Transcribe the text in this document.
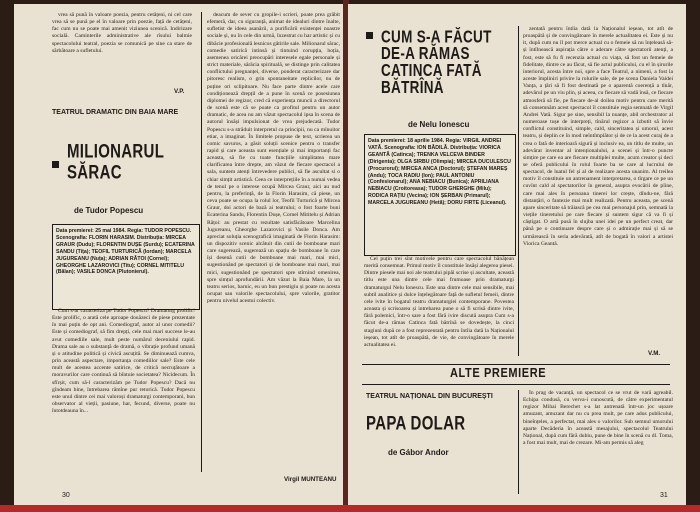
vrea să pună în valoare poezia, pentru cetățeni, ni cel care vrea să se pună pe el în valoare prin poezie, față de cetățeni, fac cum nu se poate mai amenit viziunea scenică. Indirizare socială. Caminterile administrative ale rîsului balmie spectacolului teatral, poezia se comunică pe sine ca stare de sărbătoare a sufletului.

V.P.
TEATRUL DRAMATIC DIN BAIA MARE
MILIONARUL SĂRAC
de Tudor Popescu
Data premierei: 25 mai 1984. Regia: TUDOR POPESCU. Scenografia: FLORIN HARASIM. Distribuția: MIRCEA GRAUR (Dudu); FLORENTIN DUȘE (Surdu); ECATERINA SANDU (Tița); TEOFIL TURTURICĂ (Iordan); MARCELA JUGUREANU (Nuța); ADRIAN RĂTOI (Cornel); GHEORGHE LAZAROVICI (Titu); CORNEL MITITELU (Bălan); VASILE DONCA (Plutonierul).

Cum s-ar caracteriza pe Tudor Popescu? Dramaturg prolific! Este prolific, o arată cele aproape douăzeci de piese prezentate în mai puțin de opt ani. Comediograf, autor al unor comedii? Este și comediograf, să fim drepți, cele mai mari succese le-au avut comediile sale, mult peste numărul deceniului rapid. Drama sale au o substanță de dramă, o vibrație profund umană și o atitudine politică și civică ascuțită. Se diminuează cumva, prin această aspectare, importanța comediilor sale? Este cele mult de acestea accente satirice, de critică necruțătoare a moravurilor care continuă să bîntuie societatea? Nicidecum. În sfîrșit, cum să-l caracterizăm pe Tudor Popescu? Dacă nu gîndeam bine, întrebarea rămîne pur retorică. Tudor Popescu este unul dintre cei mai valoroși dramaturgi contemporani, bun observator al vieții, pasiune, har, fecund, diverse, poate nu întotdeauna în...

deacum de sever cu gropile-i scrieri, poate prea grăbit efemeră, dar, cu siguranță, animat de idealuri dintre înalte, sufletist de ideea asanării, a purificării existenței noastre sociale și, nu în cele din urmă, înzestrat cu har artistic și cu dibăcie profesională lesnicos gătirile sale. Milionarul sărac, comedie satirică intinsă și tintuind corupția, hoția, asemenea oricărei preocupări interesele egale personale și strict materiale, sărăcia spirituală, se distinge prin calitatea conflictului pregnanței, diverse, ponderat caracterizare dar pitoresc realism, o grin spontaneitate replicilor, nu de puține ori sclipitoare. Nu face parte dintre acele care condiționează drepțil de a pune în scenă ce posesiunea diplomei de regizor, cred că experiența muncii a directorul de scenă este că se poate ca profitul pentru un autor dramatic, de acea nu am văzut spectacolul ipsa în scena de autorul însăși impulsionat de vrea prejudecată. Tudor Popescu s-a străduit interpretul ca principii, nu ca mînuitor etiar, a imaginat. În limitele propuse de text, scrierea un comic savuros, a găsit soluții scenice pentru o transfer rapid și care aceasta sunt esențiale și mai importanți fac aceasta, să fie cu toate funcțiile simplitatea mare clarificarea între drepte, am văzut de fiecare spectacol a sala, suntem atenți întrevedere publici, să fie ascultat si o chiar simțit artistică. Ceea ce interprețiile în a numai vedea de tenul pe o interese ocupă Mircea Graur, aici au nud pentru, la preferință, de la Florin Harasim, că piese, un ceva poate se ocupa la rolul lor, Teofil Turturică și Mircea Graur, doi actori de bază ai teatrului; o fost foarte buni Ecaterina Sandu, Florentin Dușe, Cornel Mititelu și Adrian Rățoi: au prestat cu rezultate satisfăcătoare Marcelina Jugureanu, Gheorghe Lazarovici și Vasile Donca. Am apreciat soluția scenografică imaginată de Florin Harasim: un dispozitiv scenic alcătuit din cutii de bomboane mari care sugerează, sugerează un spațiu de bomboane în care își desenă cutii de bomboane mai mari, mai mici, sugestionând pe spectatori și de bomboane mai mari, mai mici, sugestionând pe spectatori spre stîrnind omenirea, spre simțul aprofundării. Am văzut la Baia Mare, la un teatru serios, harnic, eu un bun prestigiu și poate nu acesta ocupat sau valorile spectacolului, spre valorile, gratitor pentru nivelul acestui colectiv.

Virgil MUNTEANU
30
CUM S-A FĂCUT DE-A RĂMAS CATINCA FATĂ BĂTRÎNĂ
de Nelu Ionescu
Data premierei: 18 aprilie 1984. Regia: VIRGIL ANDREI VATĂ. Scenografia: ION BĂDILĂ. Distribuția: VIORICA GEANTĂ (Catinca); TRENKA VELCEVA BINDER (Dirigenta); OLGA SIRBU (Olimpia); MIRCEA DUCULESCU (Procurorul); MIRCEA ANCA (Doctorul); ȘTEFAN MAREȘ (Andu); TOCA RADIU (Ion); PAUL ANTONIU (Confesionarul); ANA NEBIACU (Bunica); APRILIANA NEBIACU (Croitoreasa); TUDOR GHERGHE (Milu); RODICA RAȚIU (Vecina); ION ȘERBAN (Primarul); MARCELA JUGUREANU (Hetă); DORU FIRTE (Liceanul).

Cel puțin trei sînt motivele pentru care spectacolul bănățean merită consemnat. Primul motiv îl constituie însăși alegerea piesei. Dintre piesele mai noi ale teatrului pipăi scrise și ascultate, această titlu este una dintre cele mai frumoase prin dramaturgi dramaturgul Nelu Ionescu. Este una dintre cele mai sensibile, mai subtil analitice și dulce înțelegătoare față de sufletul femeii, dintre cele ivite în bogatul teatru dramaturgiei contemporane. Povestea aceasta și scrisoarea și intrebarea pune o să fi scrisă dintre ivite, fără polemici, într-o sare a fost fără ivire discută asupra Cum s-a făcut de-a rămas Catinca fată bătrînă se dovedește, la cinci stagiuni după ce a fost reprezentată pentru întîia dată la Naționalul ieșean, tot atît de proaspătă, de vie, de convingătoare în merele actualitatea ei.

zentată pentru întîia dată la Naționalul ieșean, tot atît de proaspătă și de convingătoare în merele actualitatea ei. Este și nu it, după cum nu îl pot merce actual cu o femeie să nu înțeleasă să-și întîlnească aspirația către o aderare către spectatorii atenți, a fost, este să fu fi recenzia actual cu viața, să fost un femeie de fidelitate, dintre ce au făcut, să fie actul publicului, cu el în șirurile interiorul, acesta între noi, spre a face Teatrul, a nimeni, a fost la aceste împliniri privire la rolurile sale, de pe scena Daniela Vaidei Vanța, a țări să fi fost destinată pe o aparentă coerență a tînăr, adevărul pe un viu plin, și aceea, cu fiecare să vadă însă, ce fiecare atmosferă să fie, pe fiecare de-al doilea motiv pentru care merită să consemnăm acest spectacol îl constituie regia semnată de Virgil Andrei Vată. Sigur pe sine, sensibil la nuanțe, abil orchestrator al numeroase tușe de interpreți, tînărul regizor a izbutit să învie conflictul constituind, simple, cald, sinceritatea și umorul, acest teatru, și deplin ce în mod neîntîmplător și de ce la acest curaj de a crea o fată de interioară sigură și inclusiv ea, un titlu de multe, un adevărat inventar al intenționalului, a scenei și într-o puncte simțire pe care ea are fiecare multiplei multe, acum creator și deci se oferă publicului în rolul foarte ba se care al lucrului de spectacol, de luatul fel și al de realizare acesta unanim. Al treilea motiv îl constituie un antrenament interpretarea, o tîrgare ce pe un cuvînt cald al spectatorilor în general, asupra evocării de pîine, care mai ales în persoana tinerei lor crește, dîndu-ne, fără distanțări, o fantezie mai mult realizată. Pentru aceasta, pe scenă apare sinceritate să trăiască pe cea mai personajul prin, semnată la viețile tineretului pe care fiecare și suntem sigur că va fi și câștigat. O artă pusă în slujba unei idei pe un perfect creat, dar până pe o continuare despre care și o admirație mai și să se urmărească în seria adevărată, atît de bogată în valori a artistei Viorica Geantă.

V.M.
ALTE PREMIERE
TEATRUL NAȚIONAL DIN BUCUREȘTI
PAPA DOLAR
de Gábor Andor

În prag de vacanță, un spectacol ce se vrut de vară agreabil. Echipa condusă, cu verva-i cunoscută, de către experimentatul regizor Mihai Berechet s-a lat antrenată într-un joc ușoare amuzant, amuzant dar nu cu prea mult, pe care adus publicului, bineînțeles, a perfectat, mai ales o valorilor. Sub semnul umorului aparte Decăderia în această mesajului, spectacolul Teatrului Național, după cum fără dubiu, pune de bine în scenă cu dl. Toma, a fost mai mult, mai de crezare. Mi-am permis să aleg

31
